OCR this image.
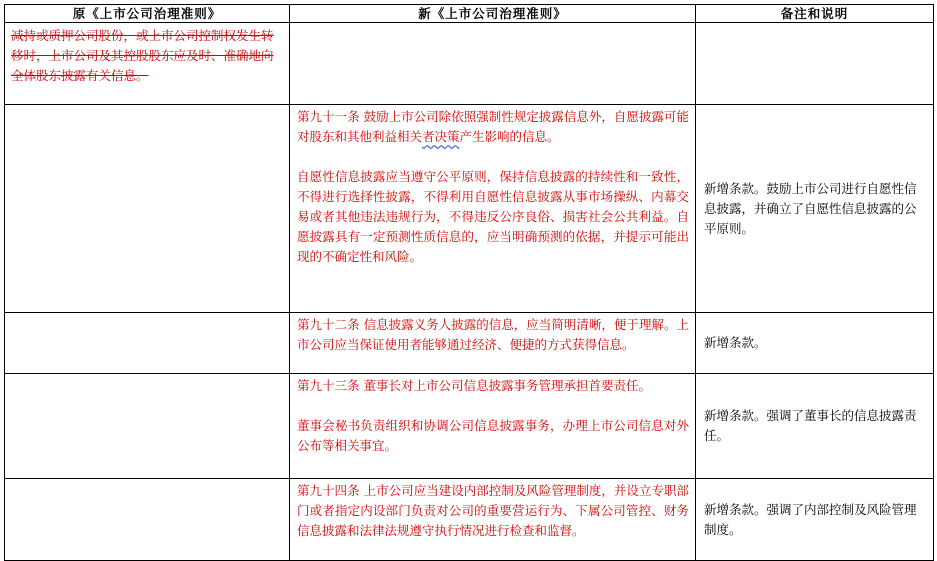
原《上市公司治理准则》	新《上市公司治理准则》	备注和说明
减持或质押公司股份，或上市公司控制权发生转移时，上市公司及其控股股东应及时、准确地向全体股东披露有关信息。		

	第九十一条 鼓励上市公司除依照强制性规定披露信息外，自愿披露可能对股东和其他利益相关者决策产生影响的信息。

自愿性信息披露应当遵守公平原则，保持信息披露的持续性和一致性，不得进行选择性披露，不得利用自愿性信息披露从事市场操纵、内幕交易或者其他违法违规行为，不得违反公序良俗、损害社会公共利益。自愿披露具有一定预测性质信息的，应当明确预测的依据，并提示可能出现的不确定性和风险。	新增条款。鼓励上市公司进行自愿性信息披露，并确立了自愿性信息披露的公平原则。

	第九十二条 信息披露义务人披露的信息，应当简明清晰，便于理解。上市公司应当保证使用者能够通过经济、便捷的方式获得信息。	新增条款。

	第九十三条 董事长对上市公司信息披露事务管理承担首要责任。

董事会秘书负责组织和协调公司信息披露事务，办理上市公司信息对外公布等相关事宜。	新增条款。强调了董事长的信息披露责任。

	第九十四条 上市公司应当建设内部控制及风险管理制度，并设立专职部门或者指定内设部门负责对公司的重要营运行为、下属公司管控、财务信息披露和法律法规遵守执行情况进行检查和监督。	新增条款。强调了内部控制及风险管理制度。
